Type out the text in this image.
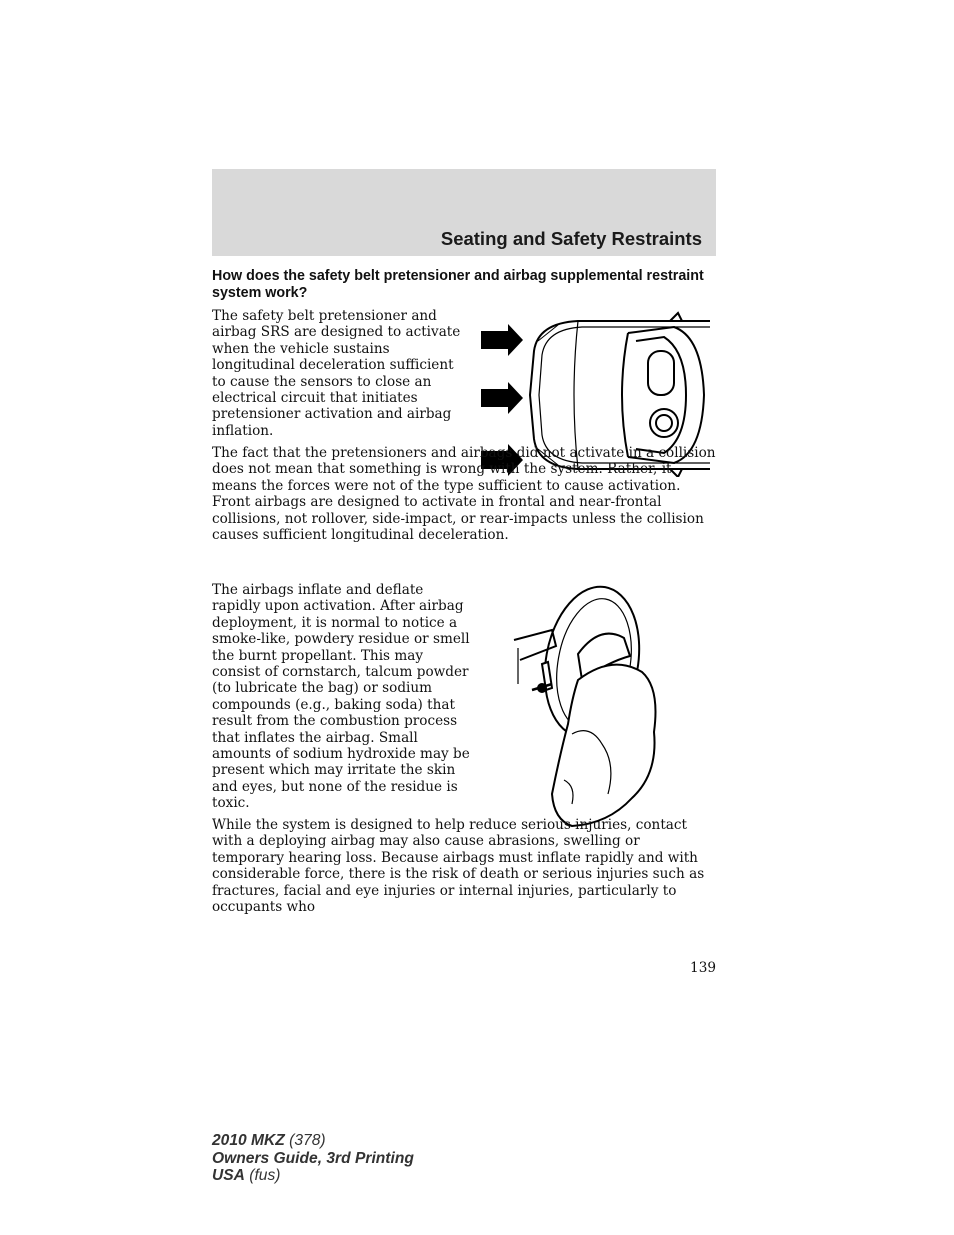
Seating and Safety Restraints
How does the safety belt pretensioner and airbag supplemental restraint system work?

The safety belt pretensioner and airbag SRS are designed to activate when the vehicle sustains longitudinal deceleration sufficient to cause the sensors to close an electrical circuit that initiates pretensioner activation and airbag inflation.

The fact that the pretensioners and airbags did not activate in a collision does not mean that something is wrong with the system. Rather, it means the forces were not of the type sufficient to cause activation. Front airbags are designed to activate in frontal and near-frontal collisions, not rollover, side-impact, or rear-impacts unless the collision causes sufficient longitudinal deceleration.

The airbags inflate and deflate rapidly upon activation. After airbag deployment, it is normal to notice a smoke-like, powdery residue or smell the burnt propellant. This may consist of cornstarch, talcum powder (to lubricate the bag) or sodium compounds (e.g., baking soda) that result from the combustion process that inflates the airbag. Small amounts of sodium hydroxide may be present which may irritate the skin and eyes, but none of the residue is toxic.

While the system is designed to help reduce serious injuries, contact with a deploying airbag may also cause abrasions, swelling or temporary hearing loss. Because airbags must inflate rapidly and with considerable force, there is the risk of death or serious injuries such as fractures, facial and eye injuries or internal injuries, particularly to occupants who

139
2010 MKZ (378)
Owners Guide, 3rd Printing
USA (fus)
